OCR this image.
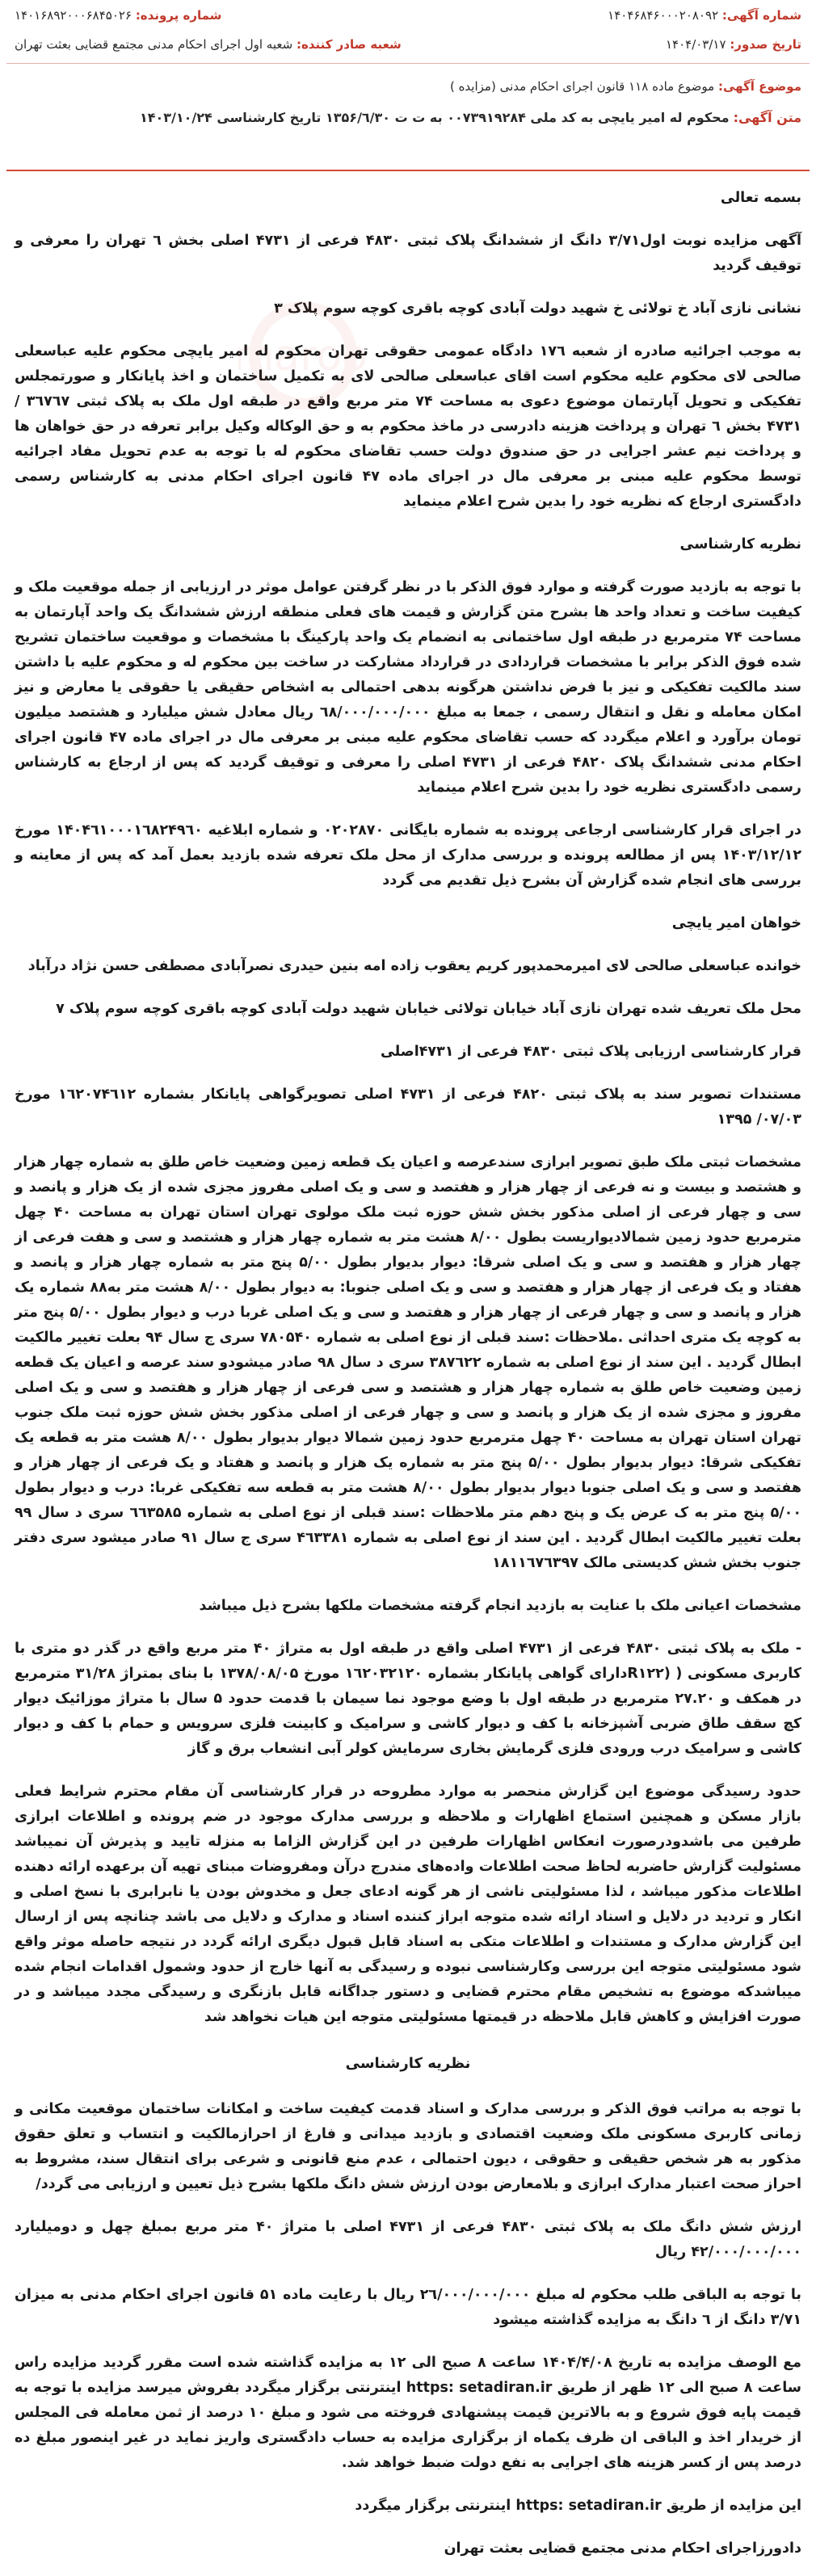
شماره آگهی: ۱۴۰۴۶۸۴۶۰۰۰۲۰۸۰۹۲
شماره پرونده: ۱۴۰۱۶۸۹۲۰۰۰۶۸۴۵۰۲۶
تاریخ صدور: ۱۴۰۴/۰۳/۱۷
شعبه صادر کننده: شعبه اول اجرای احکام مدنی مجتمع قضایی بعثت تهران
موضوع آگهی: موضوع ماده ۱۱۸ قانون اجرای احکام مدنی (مزایده )
متن آگهی: محکوم له امیر یایچی به کد ملی ۰۰۷۳۹۱۹۲۸۴ به ت ت ۱۳۵۶/٦/۳۰ تاریخ کارشناسی ۱۴۰۳/۱۰/۲۴
maroo

بسمه تعالی

آگهی مزایده نوبت اول۳/۷۱ دانگ از ششدانگ پلاک ثبتی ۴۸۳۰ فرعی از ۴۷۳۱ اصلی بخش ٦ تهران را معرفی و توقیف گردید

نشانی نازی آباد خ تولائی خ شهید دولت آبادی کوچه باقری کوچه سوم پلاک ۳

به موجب اجرائیه صادره از شعبه ۱۷٦ دادگاه عمومی حقوقی تهران محکوم له امیر یایچی محکوم علیه عباسعلی صالحی لای محکوم علیه محکوم است اقای عباسعلی صالحی لای به تکمیل ساختمان و اخذ پایانکار و صورتمجلس تفکیکی و تحویل آپارتمان موضوع دعوی به مساحت ۷۴ متر مربع واقع در طبقه اول ملک به پلاک ثبتی ۳٦٧٦٧ / ۴۷۳۱ بخش ٦ تهران و پرداخت هزینه دادرسی در ماخذ محکوم به و حق الوکاله وکیل برابر تعرفه در حق خواهان ها و پرداخت نیم عشر اجرایی در حق صندوق دولت حسب تقاضای محکوم له با توجه به عدم تحویل مفاد اجرائیه توسط محکوم علیه مبنی بر معرفی مال در اجرای ماده ۴۷ قانون اجرای احکام مدنی به کارشناس رسمی دادگستری ارجاع که نظریه خود را بدین شرح اعلام مینماید

نظریه کارشناسی

با توجه به بازدید صورت گرفته و موارد فوق الذکر با در نظر گرفتن عوامل موثر در ارزیابی از جمله موقعیت ملک و کیفیت ساخت و تعداد واحد ها بشرح متن گزارش و قیمت های فعلی منطقه ارزش ششدانگ یک واحد آپارتمان به مساحت ۷۴ مترمربع در طبقه اول ساختمانی به انضمام یک واحد پارکینگ با مشخصات و موقعیت ساختمان تشریح شده فوق الذکر برابر با مشخصات قراردادی در قرارداد مشارکت در ساخت بین محکوم له و محکوم علیه با داشتن سند مالکیت تفکیکی و نیز با فرض نداشتن هرگونه بدهی احتمالی به اشخاص حقیقی یا حقوقی یا معارض و نیز امکان معامله و نقل و انتقال رسمی ، جمعا به مبلغ ٦۸/۰۰۰/۰۰۰/۰۰۰ ریال معادل شش میلیارد و هشتصد میلیون تومان برآورد و اعلام میگردد که حسب تقاضای محکوم علیه مبنی بر معرفی مال در اجرای ماده ۴۷ قانون اجرای احکام مدنی ششدانگ پلاک ۴۸۲۰ فرعی از ۴۷۳۱ اصلی را معرفی و توقیف گردید که پس از ارجاع به کارشناس رسمی دادگستری نظریه خود را بدین شرح اعلام مینماید

در اجرای قرار کارشناسی ارجاعی پرونده به شماره بایگانی ۰۲۰۲۸۷۰ و شماره ابلاغیه ۱۴۰۴٦۱۰۰۰۱٦۸۲۴۹٦۰ مورخ ۱۴۰۳/۱۲/۱۲ پس از مطالعه پرونده و بررسی مدارک از محل ملک تعرفه شده بازدید بعمل آمد که پس از معاینه و بررسی های انجام شده گزارش آن بشرح ذیل تقدیم می گردد

خواهان امیر یایچی

خوانده عباسعلی صالحی لای امیرمحمدپور کریم یعقوب زاده امه بنین حیدری نصرآبادی مصطفی حسن نژاد درآباد

محل ملک تعریف شده تهران نازی آباد خیابان تولائی خیابان شهید دولت آبادی کوچه باقری کوچه سوم پلاک ۷

قرار کارشناسی ارزیابی پلاک ثبتی ۴۸۳۰ فرعی از ۴۷۳۱اصلی

مستندات تصویر سند به پلاک ثبتی ۴۸۲۰ فرعی از ۴۷۳۱ اصلی تصویرگواهی پایانکار بشماره ۱٦۲۰۷۴٦۱۲ مورخ ۰۷/۰۳/ ۱۳۹۵

مشخصات ثبتی ملک طبق تصویر ابرازی سندعرصه و اعیان یک قطعه زمین وضعیت خاص طلق به شماره چهار هزار و هشتصد و بیست و نه فرعی از چهار هزار و هفتصد و سی و یک اصلی مفروز مجزی شده از یک هزار و پانصد و سی و چهار فرعی از اصلی مذکور بخش شش حوزه ثبت ملک مولوی تهران استان تهران به مساحت ۴۰ چهل مترمربع حدود زمین شمالادیواریست بطول ۸/۰۰ هشت متر به شماره چهار هزار و هشتصد و سی و هفت فرعی از چهار هزار و هفتصد و سی و یک اصلی شرقا: دیوار بدیوار بطول ۵/۰۰ پنج متر به شماره چهار هزار و پانصد و هفتاد و یک فرعی از چهار هزار و هفتصد و سی و یک اصلی جنوبا: به دیوار بطول ۸/۰۰ هشت متر به۸۸ شماره یک هزار و پانصد و سی و چهار فرعی از چهار هزار و هفتصد و سی و یک اصلی غربا درب و دیوار بطول ۵/۰۰ پنج متر به کوچه یک متری احداثی .ملاحظات :سند قبلی از نوع اصلی به شماره ۷۸۰۵۴۰ سری ج سال ۹۴ بعلت تغییر مالکیت ابطال گردید . این سند از نوع اصلی به شماره ۳۸۷٦۲۲ سری د سال ۹۸ صادر میشودو سند عرصه و اعیان یک قطعه زمین وضعیت خاص طلق به شماره چهار هزار و هشتصد و سی فرعی از چهار هزار و هفتصد و سی و یک اصلی مفروز و مجزی شده از یک هزار و پانصد و سی و چهار فرعی از اصلی مذکور بخش شش حوزه ثبت ملک جنوب تهران استان تهران به مساحت ۴۰ چهل مترمربع حدود زمین شمالا دیوار بدیوار بطول ۸/۰۰ هشت متر به قطعه یک تفکیکی شرقا: دیوار بدیوار بطول ۵/۰۰ پنج متر به شماره یک هزار و پانصد و هفتاد و یک فرعی از چهار هزار و هفتصد و سی و یک اصلی جنوبا دیوار بدیوار بطول ۸/۰۰ هشت متر به قطعه سه تفکیکی غربا: درب و دیوار بطول ۵/۰۰ پنج متر به ک عرض یک و پنج دهم متر ملاحظات :سند قبلی از نوع اصلی به شماره ٦٦۳۵۸۵ سری د سال ۹۹ بعلت تغییر مالکیت ابطال گردید . این سند از نوع اصلی به شماره ۴٦۳۳۸۱ سری ج سال ۹۱ صادر میشود سری دفتر جنوب بخش شش کدیستی مالک ۱۸۱۱٦۷٦۳۹۷

مشخصات اعیانی ملک با عنایت به بازدید انجام گرفته مشخصات ملکها بشرح ذیل میباشد

- ملک به پلاک ثبتی ۴۸۳۰ فرعی از ۴۷۳۱ اصلی واقع در طبقه اول به متراژ ۴۰ متر مربع واقع در گذر دو متری با کاربری مسکونی ( (R۱۲۲دارای گواهی پایانکار بشماره ۱٦۲۰۳۲۱۲۰ مورخ ۱۳۷۸/۰۸/۰۵ با بنای بمتراژ ۳۱/۲۸ مترمربع در همکف و ۲۷.۲۰ مترمربع در طبقه اول با وضع موجود نما سیمان با قدمت حدود ۵ سال با متراژ موزائیک دیوار کچ سقف طاق ضربی آشپزخانه با کف و دیوار کاشی و سرامیک و کابینت فلزی سرویس و حمام با کف و دیوار کاشی و سرامیک درب ورودی فلزی گرمایش بخاری سرمایش کولر آبی انشعاب برق و گاز

حدود رسیدگی موضوع این گزارش منحصر به موارد مطروحه در قرار کارشناسی آن مقام محترم شرایط فعلی بازار مسکن و همچنین استماع اظهارات و ملاحظه و بررسی مدارک موجود در ضم پرونده و اطلاعات ابرازی طرفین می باشدودرصورت انعکاس اظهارات طرفین در این گزارش الزاما به منزله تایید و پذیرش آن نمیباشد مسئولیت گزارش حاضربه لحاظ صحت اطلاعات واده‌های مندرج درآن ومفروضات مبنای تهیه آن برعهده ارائه دهنده اطلاعات مذکور میباشد ، لذا مسئولیتی ناشی از هر گونه ادعای جعل و مخدوش بودن یا نابرابری با نسخ اصلی و انکار و تردید در دلایل و اسناد ارائه شده متوجه ابراز کننده اسناد و مدارک و دلایل می باشد چنانچه پس از ارسال این گزارش مدارک و مستندات و اطلاعات متکی به اسناد قابل قبول دیگری ارائه گردد در نتیجه حاصله موثر واقع شود مسئولیتی متوجه این بررسی وکارشناسی نبوده و رسیدگی به آنها خارج از حدود وشمول اقدامات انجام شده میباشدکه موضوع به تشخیص مقام محترم قضایی و دستور جداگانه قابل بازنگری و رسیدگی مجدد میباشد و در صورت افزایش و کاهش قابل ملاحظه در قیمتها مسئولیتی متوجه این هیات نخواهد شد

نظریه کارشناسی

با توجه به مراتب فوق الذکر و بررسی مدارک و اسناد قدمت کیفیت ساخت و امکانات ساختمان موقعیت مکانی و زمانی کاربری مسکونی ملک وضعیت اقتصادی و بازدید میدانی و فارغ از احرازمالکیت و انتساب و تعلق حقوق مذکور به هر شخص حقیقی و حقوقی ، دیون احتمالی ، عدم منع قانونی و شرعی برای انتقال سند، مشروط به احراز صحت اعتبار مدارک ابرازی و بلامعارض بودن ارزش شش دانگ ملکها بشرح ذیل تعیین و ارزیابی می گردد/

ارزش شش دانگ ملک به پلاک ثبتی ۴۸۳۰ فرعی از ۴۷۳۱ اصلی با متراژ ۴۰ متر مربع بمبلغ چهل و دومیلیارد ۴۲/۰۰۰/۰۰۰/۰۰۰ ریال

با توجه به الباقی طلب محکوم له مبلغ ۲٦/۰۰۰/۰۰۰/۰۰۰ ریال با رعایت ماده ۵۱ قانون اجرای احکام مدنی به میزان ۳/۷۱ دانگ از ٦ دانگ به مزایده گذاشته میشود

مع الوصف مزایده به تاریخ ۱۴۰۴/۴/۰۸ ساعت ۸ صبح الی ۱۲ به مزایده گذاشته شده است مقرر گردید مزایده راس ساعت ۸ صبح الی ۱۲ ظهر از طریق https: setadiran.ir اینترنتی برگزار میگردد بفروش میرسد مزایده با توجه به قیمت پایه فوق شروع و به بالاترین قیمت پیشنهادی فروخته می شود و مبلغ ۱۰ درصد از ثمن معامله فی المجلس از خریدار اخذ و الباقی ان ظرف یکماه از برگزاری مزایده به حساب دادگستری واریز نماید در غیر اینصور مبلغ ده درصد پس از کسر هزینه های اجرایی به نفع دولت ضبط خواهد شد.

این مزایده از طریق https: setadiran.ir اینترنتی برگزار میگردد

دادورزاجرای احکام مدنی مجتمع قضایی بعثت تهران
